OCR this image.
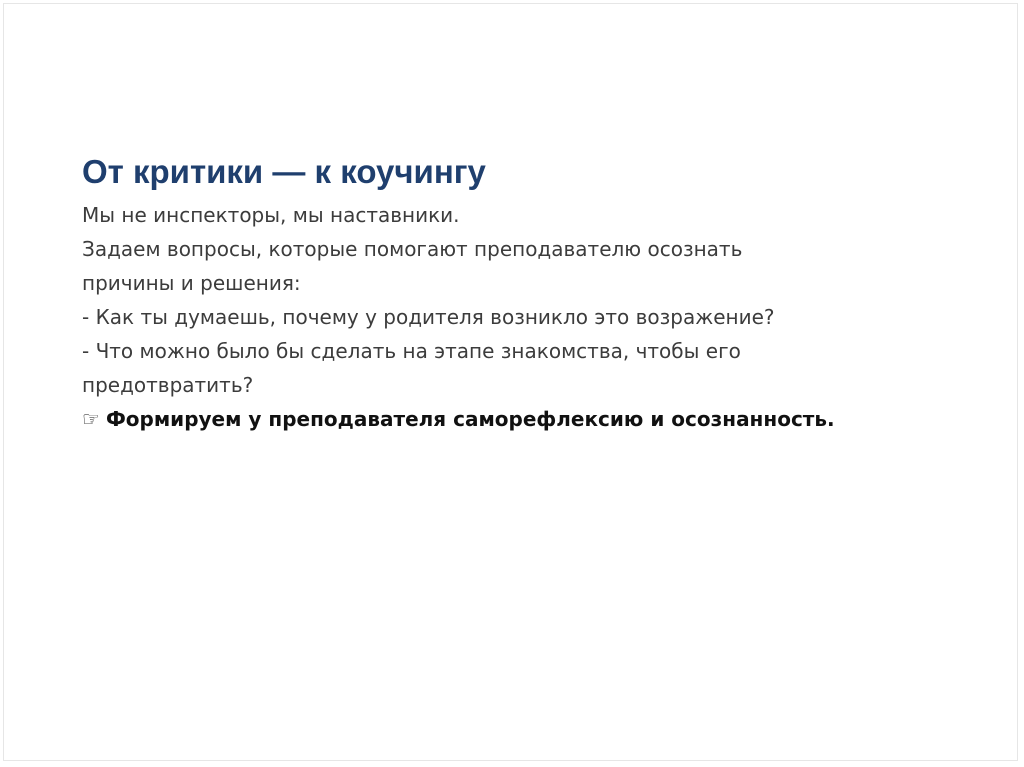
От критики — к коучингу
Мы не инспекторы, мы наставники.
Задаем вопросы, которые помогают преподавателю осознать
причины и решения:
- Как ты думаешь, почему у родителя возникло это возражение?
- Что можно было бы сделать на этапе знакомства, чтобы его
предотвратить?
☞ Формируем у преподавателя саморефлексию и осознанность.
